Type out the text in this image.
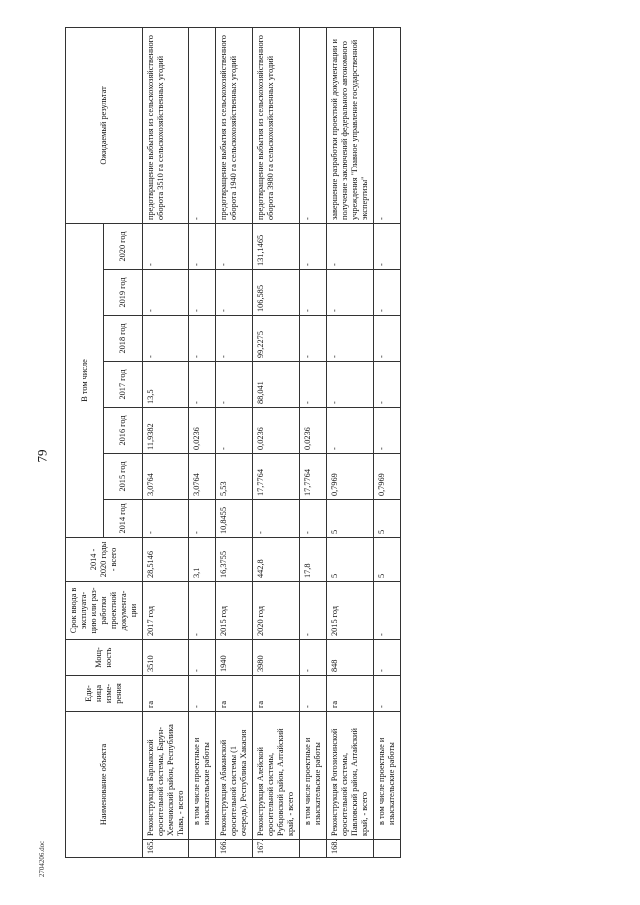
79
2704206.doc
Наименование объекта		Еди-ница изме-рения	Мощ-ность	Срок ввода в эксплуата-цию или раз-работки проектной документа-ции	2014 - 2020 годы - всего	В том числе							Ожидаемый результат
						2014 год	2015 год	2016 год	2017 год	2018 год	2019 год	2020 год	
165.	Реконструкция Барлыкской оросительной системы, Барун-Хемчикский район, Республика Тыва, - всего	га	3510	2017 год	28,5146	-	3,0764	11,9382	13,5	-	-	-	предотвращение выбытия из сельскохозяйственного оборота 3510 га сельскохозяйственных угодий
	в том числе проектные и изыскательские работы	-	-	-	3,1	-	3,0764	0,0236	-	-	-	-	-
166.	Реконструкция Абаканской оросительной системы (1 очередь), Республика Хакасия	га	1940	2015 год	16,3755	10,8455	5,53	-	-	-	-	-	предотвращение выбытия из сельскохозяйственного оборота 1940 га сельскохозяйственных угодий
167.	Реконструкция Алейской оросительной системы, Рубцовский район, Алтайский край, - всего	га	3980	2020 год	442,8	-	17,7764	0,0236	88,041	99,2275	106,585	131,1465	предотвращение выбытия из сельскохозяйственного оборота 3980 га сельскохозяйственных угодий
	в том числе проектные и изыскательские работы	-	-	-	17,8	-	17,7764	0,0236	-	-	-	-	-
168.	Реконструкция Рогозихинской оросительной системы, Павловский район, Алтайский край, - всего	га	848	2015 год	5	5	0,7969	-	-	-	-	-	завершение разработки проектной документации и получение заключений федерального автономного учреждения "Главное управление государственной экспертизы"
	в том числе проектные и изыскательские работы	-	-	-	5	5	0,7969	-	-	-	-	-	-
